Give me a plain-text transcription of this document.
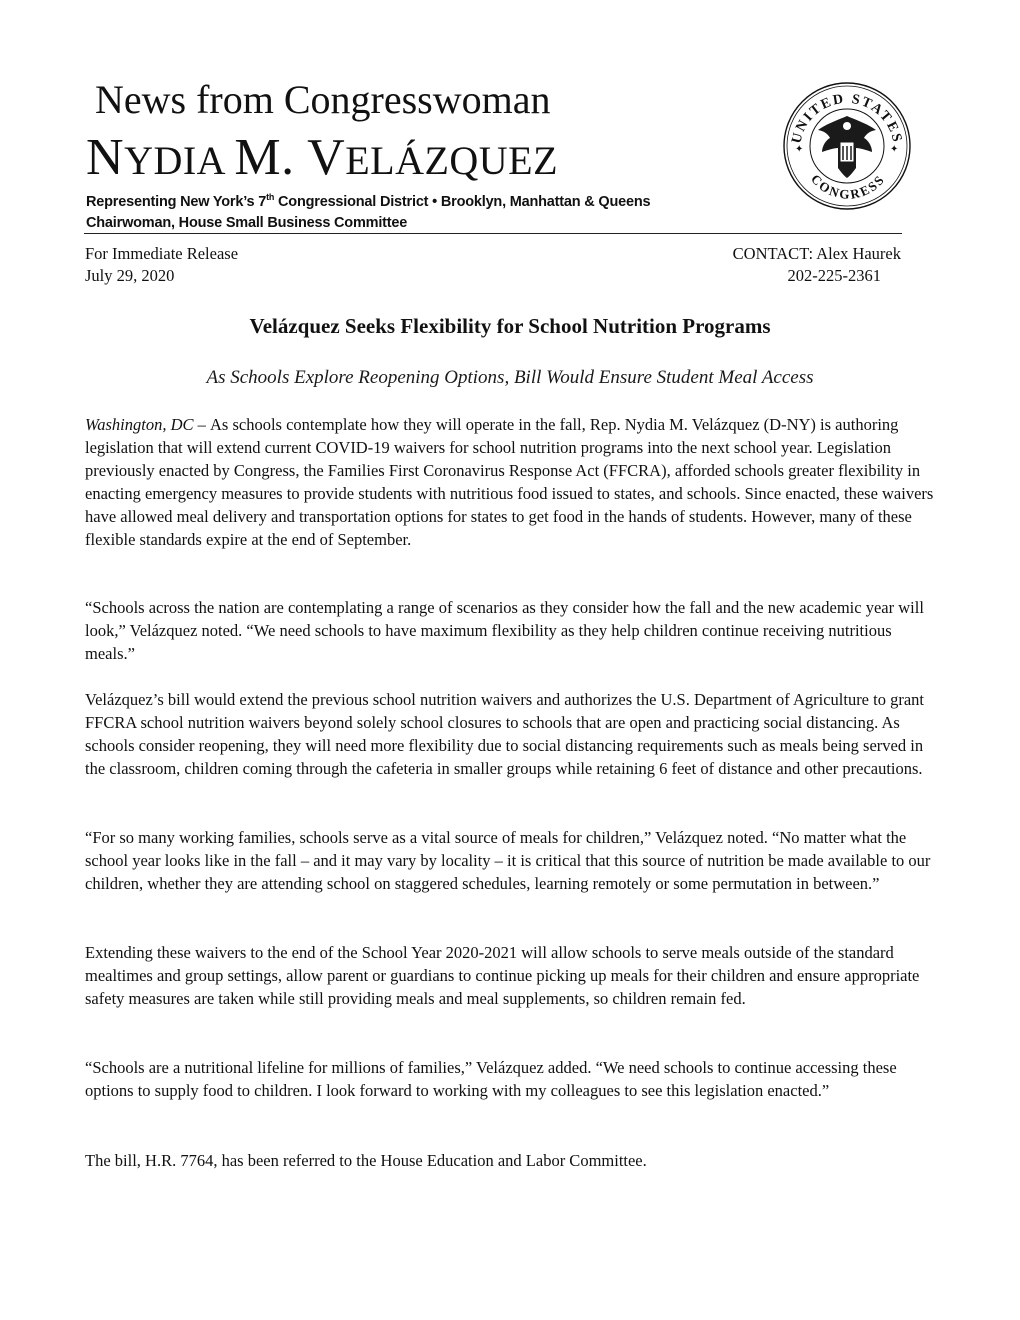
News from Congresswoman
NYDIA M. VELÁZQUEZ
Representing New York’s 7th Congressional District • Brooklyn, Manhattan & Queens
Chairwoman, House Small Business Committee
UNITED STATES
CONGRESS
✦	✦
For Immediate Release
July 29, 2020
CONTACT: Alex Haurek
202-225-2361
Velázquez Seeks Flexibility for School Nutrition Programs
As Schools Explore Reopening Options, Bill Would Ensure Student Meal Access

Washington, DC – As schools contemplate how they will operate in the fall, Rep. Nydia M. Velázquez (D-NY) is authoring legislation that will extend current COVID-19 waivers for school nutrition programs into the next school year. Legislation previously enacted by Congress, the Families First Coronavirus Response Act (FFCRA), afforded schools greater flexibility in enacting emergency measures to provide students with nutritious food issued to states, and schools. Since enacted, these waivers have allowed meal delivery and transportation options for states to get food in the hands of students. However, many of these flexible standards expire at the end of September.

“Schools across the nation are contemplating a range of scenarios as they consider how the fall and the new academic year will look,” Velázquez noted. “We need schools to have maximum flexibility as they help children continue receiving nutritious meals.”

Velázquez’s bill would extend the previous school nutrition waivers and authorizes the U.S. Department of Agriculture to grant FFCRA school nutrition waivers beyond solely school closures to schools that are open and practicing social distancing. As schools consider reopening, they will need more flexibility due to social distancing requirements such as meals being served in the classroom, children coming through the cafeteria in smaller groups while retaining 6 feet of distance and other precautions.

“For so many working families, schools serve as a vital source of meals for children,” Velázquez noted. “No matter what the school year looks like in the fall – and it may vary by locality – it is critical that this source of nutrition be made available to our children, whether they are attending school on staggered schedules, learning remotely or some permutation in between.”

Extending these waivers to the end of the School Year 2020-2021 will allow schools to serve meals outside of the standard mealtimes and group settings, allow parent or guardians to continue picking up meals for their children and ensure appropriate safety measures are taken while still providing meals and meal supplements, so children remain fed.

“Schools are a nutritional lifeline for millions of families,” Velázquez added. “We need schools to continue accessing these options to supply food to children. I look forward to working with my colleagues to see this legislation enacted.”

The bill, H.R. 7764, has been referred to the House Education and Labor Committee.
